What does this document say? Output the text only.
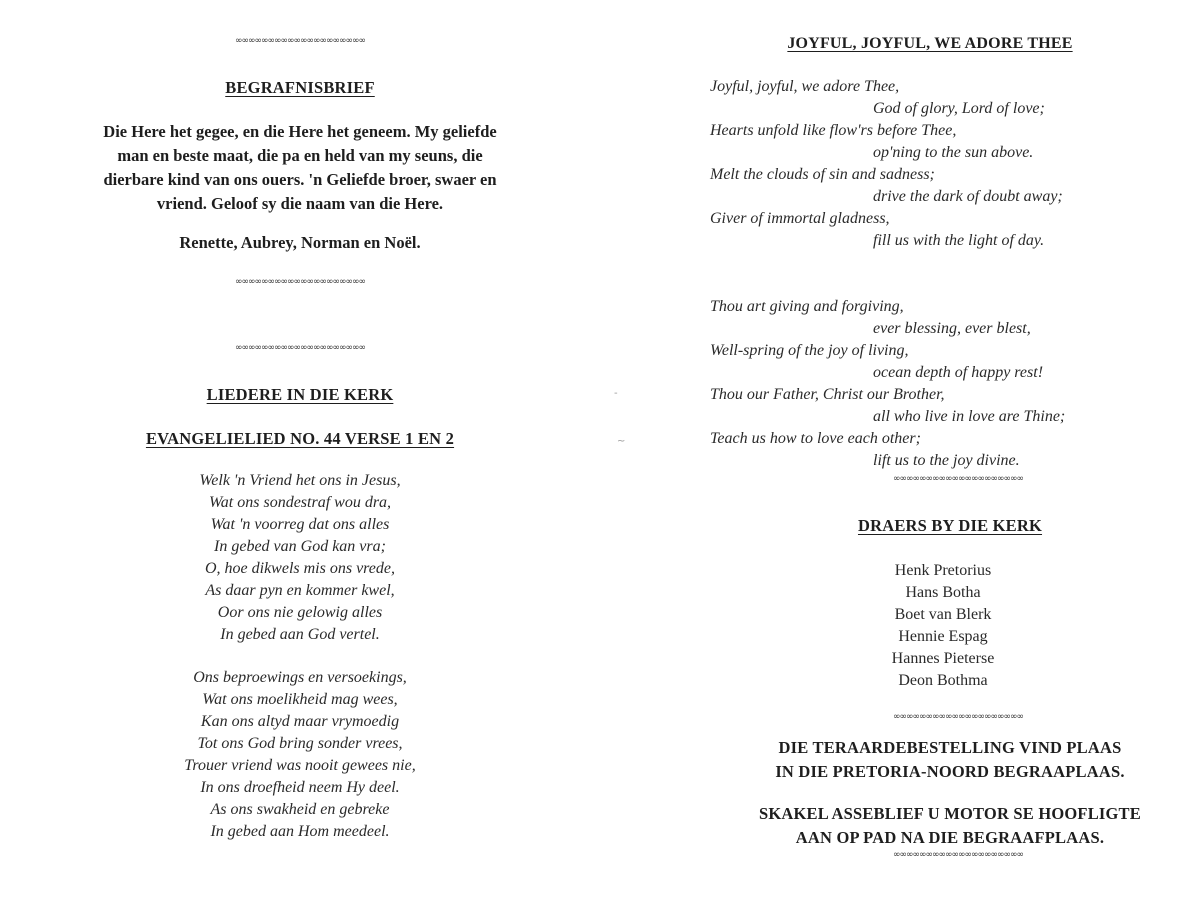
∞∞∞∞∞∞∞∞∞∞∞∞∞∞∞∞∞∞∞∞
BEGRAFNISBRIEF
Die Here het gegee, en die Here het geneem. My geliefde
man en beste maat, die pa en held van my seuns, die
dierbare kind van ons ouers. 'n Geliefde broer, swaer en
vriend. Geloof sy die naam van die Here.
Renette, Aubrey, Norman en Noël.
∞∞∞∞∞∞∞∞∞∞∞∞∞∞∞∞∞∞∞∞
∞∞∞∞∞∞∞∞∞∞∞∞∞∞∞∞∞∞∞∞
LIEDERE IN DIE KERK
EVANGELIELIED NO. 44 VERSE 1 EN 2
Welk 'n Vriend het ons in Jesus,
Wat ons sondestraf wou dra,
Wat 'n voorreg dat ons alles
In gebed van God kan vra;
O, hoe dikwels mis ons vrede,
As daar pyn en kommer kwel,
Oor ons nie gelowig alles
In gebed aan God vertel.
Ons beproewings en versoekings,
Wat ons moelikheid mag wees,
Kan ons altyd maar vrymoedig
Tot ons God bring sonder vrees,
Trouer vriend was nooit gewees nie,
In ons droefheid neem Hy deel.
As ons swakheid en gebreke
In gebed aan Hom meedeel.
JOYFUL, JOYFUL, WE ADORE THEE
Joyful, joyful, we adore Thee,
God of glory, Lord of love;
Hearts unfold like flow'rs before Thee,
op'ning to the sun above.
Melt the clouds of sin and sadness;
drive the dark of doubt away;
Giver of immortal gladness,
fill us with the light of day.
Thou art giving and forgiving,
ever blessing, ever blest,
Well-spring of the joy of living,
ocean depth of happy rest!
Thou our Father, Christ our Brother,
all who live in love are Thine;
Teach us how to love each other;
lift us to the joy divine.
∞∞∞∞∞∞∞∞∞∞∞∞∞∞∞∞∞∞∞∞
DRAERS BY DIE KERK
Henk Pretorius
Hans Botha
Boet van Blerk
Hennie Espag
Hannes Pieterse
Deon Bothma
∞∞∞∞∞∞∞∞∞∞∞∞∞∞∞∞∞∞∞∞
DIE TERAARDEBESTELLING VIND PLAAS
IN DIE PRETORIA-NOORD BEGRAAPLAAS.
SKAKEL ASSEBLIEF U MOTOR SE HOOFLIGTE
AAN OP PAD NA DIE BEGRAAFPLAAS.
∞∞∞∞∞∞∞∞∞∞∞∞∞∞∞∞∞∞∞∞
-
~
